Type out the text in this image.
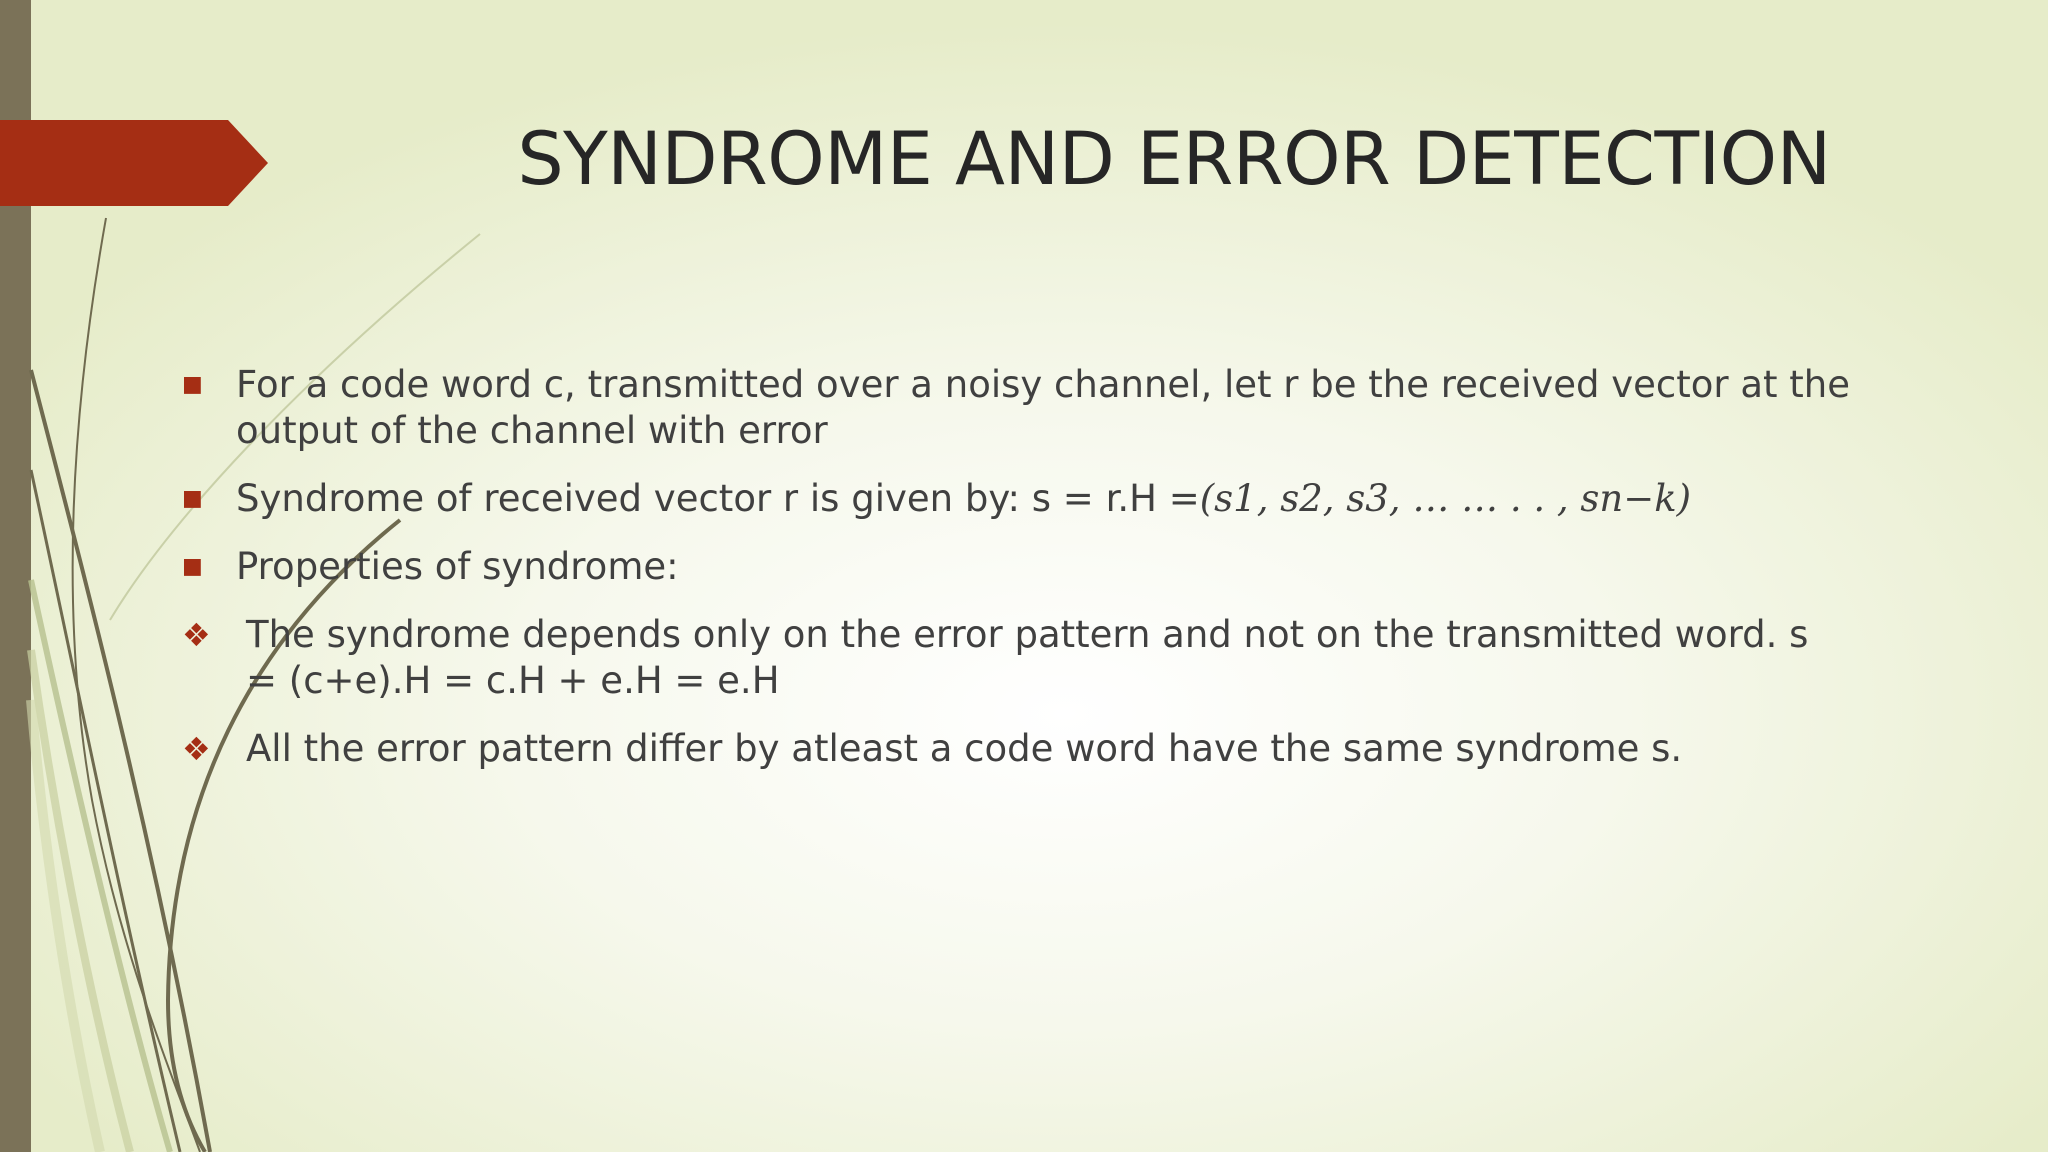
SYNDROME AND ERROR DETECTION
■ For a code word c, transmitted over a noisy channel, let r be the received vector at the output of the channel with error
■ Syndrome of received vector r is given by: s = r.H =(s1, s2, s3, … … . . , sn−k)
■ Properties of syndrome:
❖ The syndrome depends only on the error pattern and not on the transmitted word. s = (c+e).H = c.H + e.H = e.H
❖ All the error pattern differ by atleast a code word have the same syndrome s.
